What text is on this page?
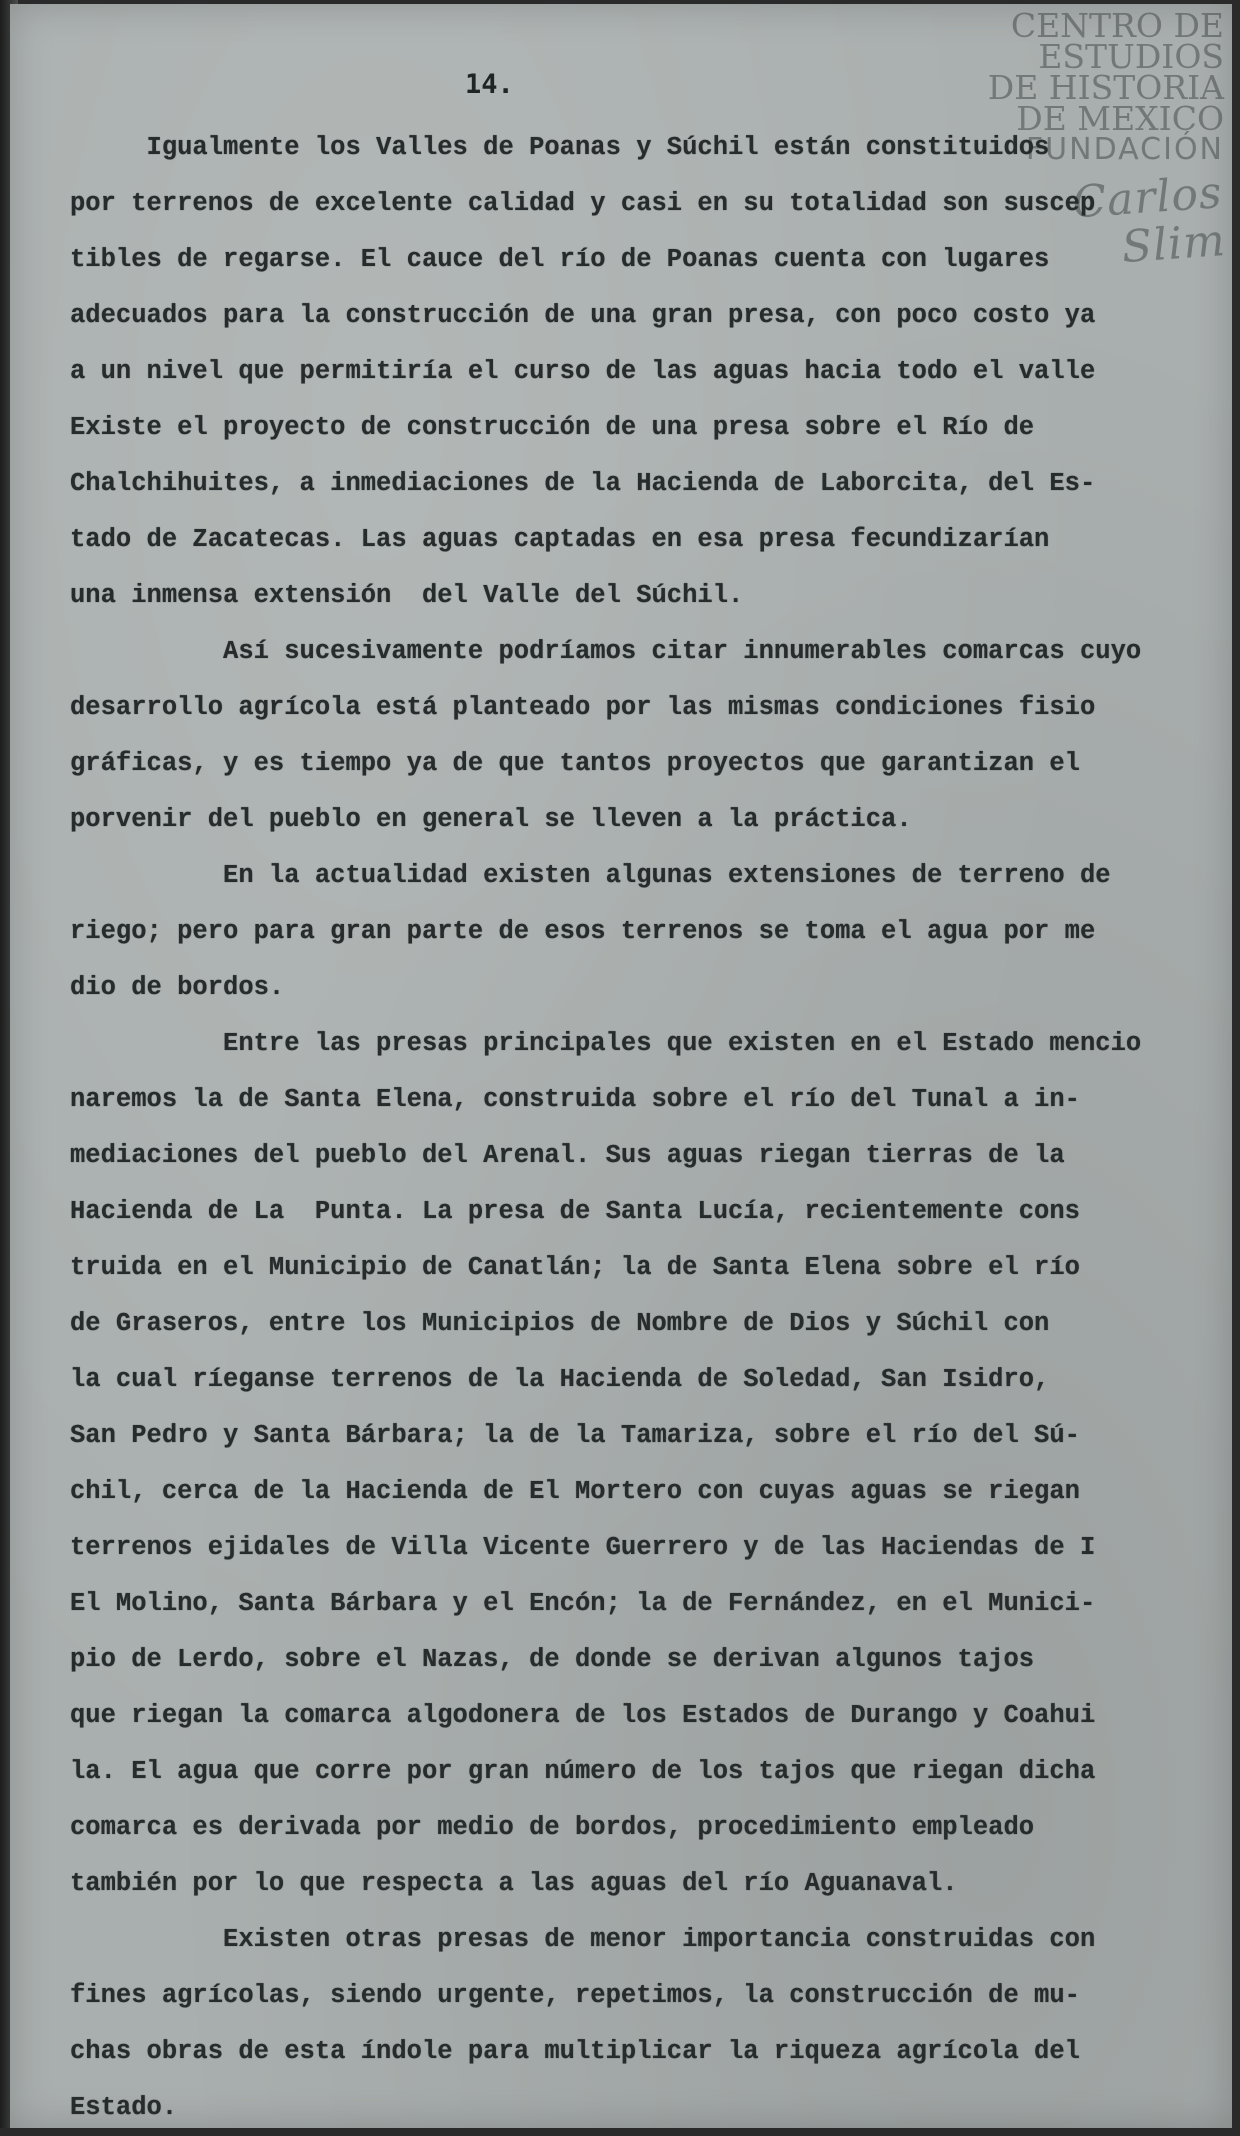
CENTRO DE
ESTUDIOS
DE HISTORIA
DE MEXICO
FUNDACIÓN
Carlos Slim
14.
Igualmente los Valles de Poanas y Súchil están constituidos
por terrenos de excelente calidad y casi en su totalidad son suscep
tibles de regarse. El cauce del río de Poanas cuenta con lugares
adecuados para la construcción de una gran presa, con poco costo ya
a un nivel que permitiría el curso de las aguas hacia todo el valle
Existe el proyecto de construcción de una presa sobre el Río de
Chalchihuites, a inmediaciones de la Hacienda de Laborcita, del Es-
tado de Zacatecas. Las aguas captadas en esa presa fecundizarían
una inmensa extensión  del Valle del Súchil.
Así sucesivamente podríamos citar innumerables comarcas cuyo
desarrollo agrícola está planteado por las mismas condiciones fisio
gráficas, y es tiempo ya de que tantos proyectos que garantizan el
porvenir del pueblo en general se lleven a la práctica.
En la actualidad existen algunas extensiones de terreno de
riego; pero para gran parte de esos terrenos se toma el agua por me
dio de bordos.
Entre las presas principales que existen en el Estado mencio
naremos la de Santa Elena, construida sobre el río del Tunal a in-
mediaciones del pueblo del Arenal. Sus aguas riegan tierras de la
Hacienda de La  Punta. La presa de Santa Lucía, recientemente cons
truida en el Municipio de Canatlán; la de Santa Elena sobre el río
de Graseros, entre los Municipios de Nombre de Dios y Súchil con
la cual ríeganse terrenos de la Hacienda de Soledad, San Isidro,
San Pedro y Santa Bárbara; la de la Tamariza, sobre el río del Sú-
chil, cerca de la Hacienda de El Mortero con cuyas aguas se riegan
terrenos ejidales de Villa Vicente Guerrero y de las Haciendas de I
El Molino, Santa Bárbara y el Encón; la de Fernández, en el Munici-
pio de Lerdo, sobre el Nazas, de donde se derivan algunos tajos
que riegan la comarca algodonera de los Estados de Durango y Coahui
la. El agua que corre por gran número de los tajos que riegan dicha
comarca es derivada por medio de bordos, procedimiento empleado
también por lo que respecta a las aguas del río Aguanaval.
Existen otras presas de menor importancia construidas con
fines agrícolas, siendo urgente, repetimos, la construcción de mu-
chas obras de esta índole para multiplicar la riqueza agrícola del
Estado.
